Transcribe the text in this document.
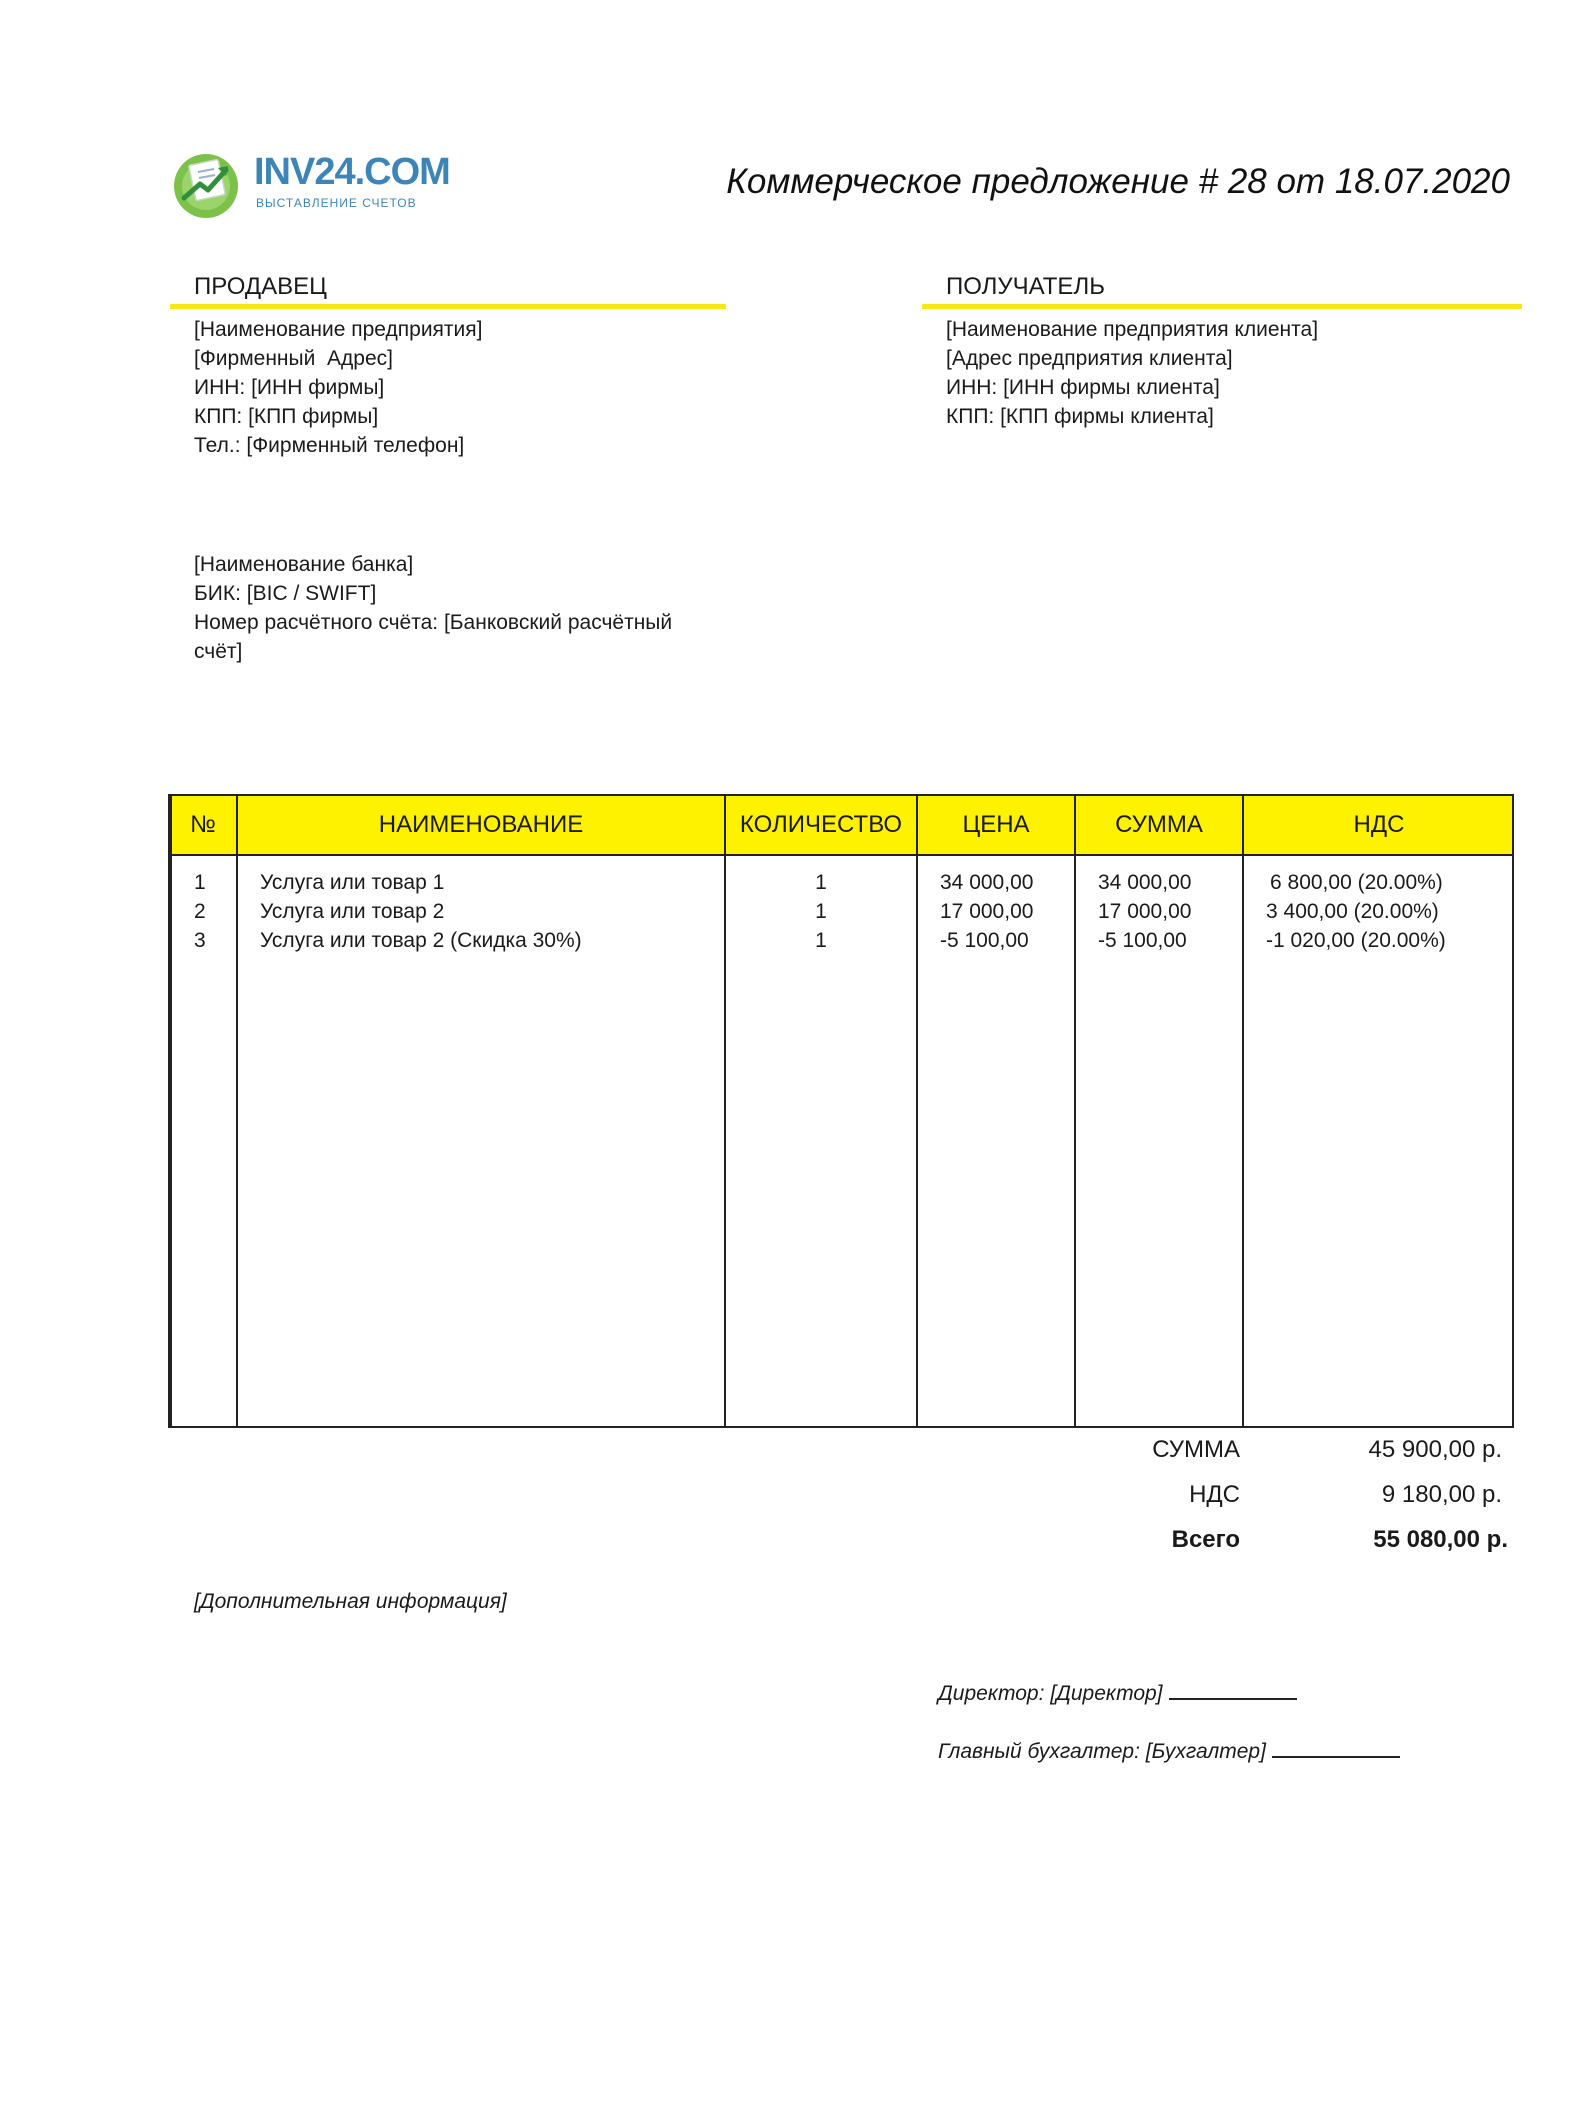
INV24.COM
ВЫСТАВЛЕНИЕ СЧЕТОВ
Коммерческое предложение # 28 от 18.07.2020
ПРОДАВЕЦ
[Наименование предприятия]
[Фирменный  Адрес]
ИНН: [ИНН фирмы]
КПП: [КПП фирмы]
Тел.: [Фирменный телефон]
ПОЛУЧАТЕЛЬ
[Наименование предприятия клиента]
[Адрес предприятия клиента]
ИНН: [ИНН фирмы клиента]
КПП: [КПП фирмы клиента]
[Наименование банка]
БИК: [BIC / SWIFT]
Номер расчётного счёта: [Банковский расчётный
счёт]
№	НАИМЕНОВАНИЕ	КОЛИЧЕСТВО	ЦЕНА	СУММА	НДС
1	Услуга или товар 1	1	34 000,00	34 000,00	6 800,00 (20.00%)
2	Услуга или товар 2	1	17 000,00	17 000,00	3 400,00 (20.00%)
3	Услуга или товар 2 (Скидка 30%)	1	-5 100,00	-5 100,00	-1 020,00 (20.00%)
СУММА	45 900,00 р.
НДС	9 180,00 р.
Всего	55 080,00 р.
[Дополнительная информация]
Директор: [Директор]
Главный бухгалтер: [Бухгалтер]
